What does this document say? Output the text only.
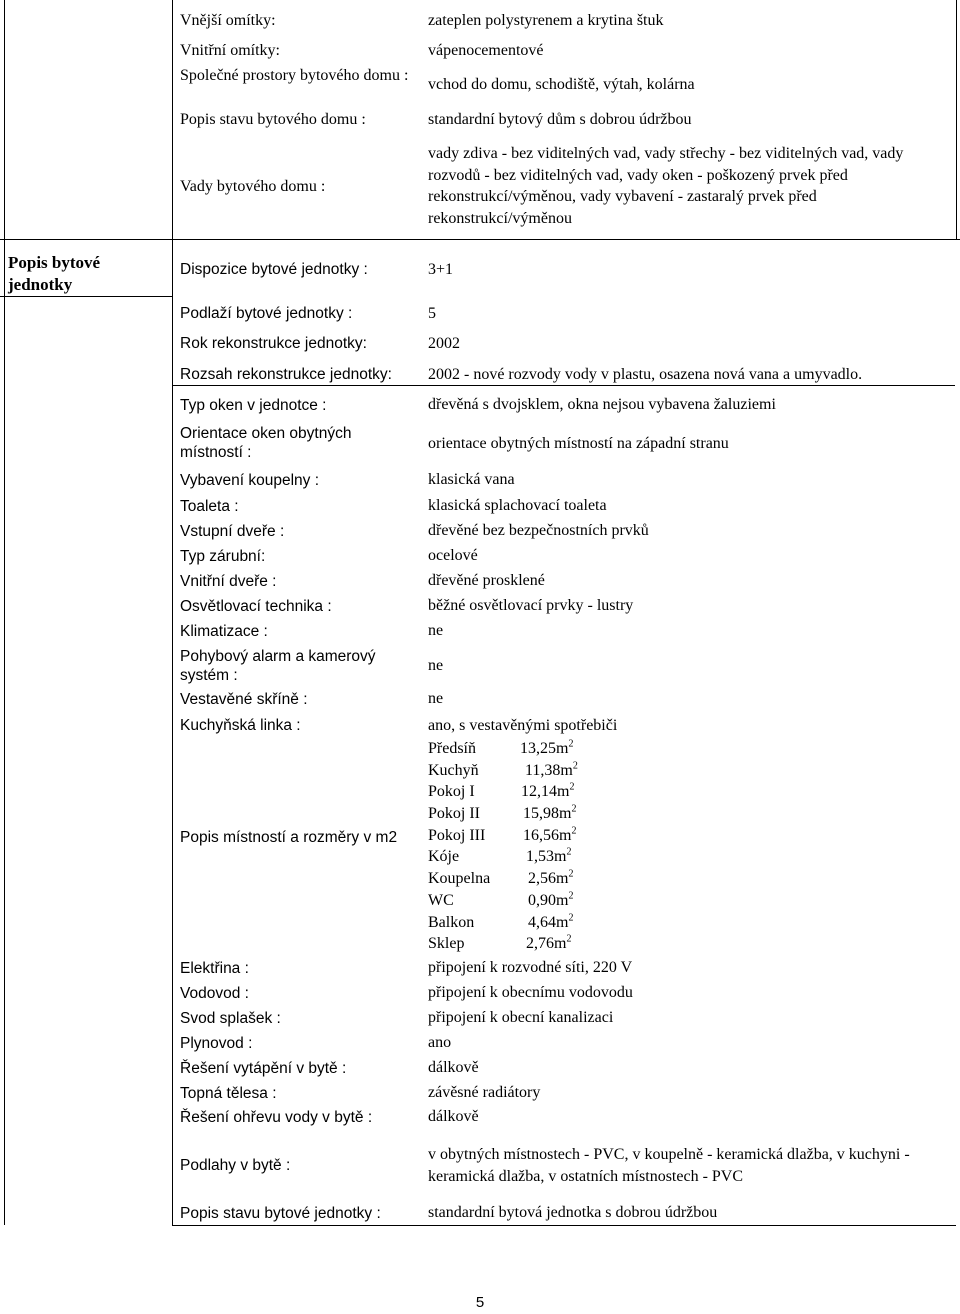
Vnější omítky:	zateplen polystyrenem a krytina štuk
Vnitřní omítky:	vápenocementové
Společné prostory bytového domu :
vchod do domu, schodiště, výtah, kolárna
Popis stavu bytového domu :	standardní bytový dům s dobrou údržbou
Vady bytového domu :
vady zdiva - bez viditelných vad, vady střechy - bez viditelných vad, vady rozvodů - bez viditelných vad, vady oken - poškozený prvek před rekonstrukcí/výměnou, vady vybavení - zastaralý prvek před rekonstrukcí/výměnou
Popis bytové jednotky
Dispozice bytové jednotky :	3+1
Podlaží bytové jednotky :	5
Rok rekonstrukce jednotky:	2002
Rozsah rekonstrukce jednotky:	2002 - nové rozvody vody v plastu, osazena nová vana a umyvadlo.
Typ oken v jednotce :	dřevěná s dvojsklem, okna nejsou vybavena žaluziemi
Orientace oken obytných místností :
orientace obytných místností na západní stranu
Vybavení koupelny :	klasická vana
Toaleta :	klasická splachovací toaleta
Vstupní dveře :	dřevěné bez bezpečnostních prvků
Typ zárubní:	ocelové
Vnitřní dveře :	dřevěné prosklené
Osvětlovací technika :	běžné osvětlovací prvky - lustry
Klimatizace :	ne
Pohybový alarm a kamerový systém :
ne
Vestavěné skříně :	ne
Kuchyňská linka :	ano, s vestavěnými spotřebiči
Popis místností a rozměry v m2
Předsíň	$13,25m^2$
Kuchyň	$11,38m^2$
Pokoj I	$12,14m^2$
Pokoj II	$15,98m^2$
Pokoj III $16,56m^2$
Kóje	$1,53m^2$
Koupelna $2,56m^2$
WC	$0,90m^2$
Balkon	$4,64m^2$
Sklep	$2,76m^2$
Elektřina :	připojení k rozvodné síti, 220 V
Vodovod :	připojení k obecnímu vodovodu
Svod splašek :	připojení k obecní kanalizaci
Plynovod :	ano
Řešení vytápění v bytě :	dálkově
Topná tělesa :	závěsné radiátory
Řešení ohřevu vody v bytě :	dálkově
Podlahy v bytě :
v obytných místnostech - PVC, v koupelně - keramická dlažba, v kuchyni - keramická dlažba, v ostatních místnostech - PVC
Popis stavu bytové jednotky :	standardní bytová jednotka s dobrou údržbou
5
